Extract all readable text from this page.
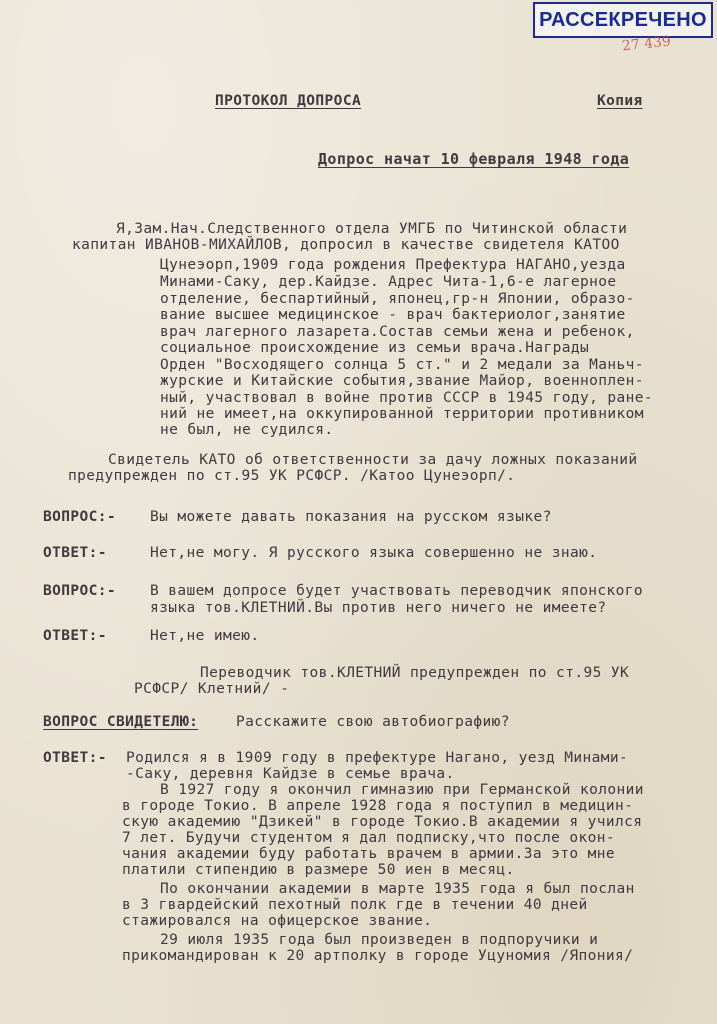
РАССЕКРЕЧЕНО
27 439
ПРОТОКОЛ ДОПРОСА	Копия
Допрос начат 10 февраля 1948 года
Я,Зам.Нач.Следственного отдела УМГБ по Читинской области
капитан ИВАНОВ-МИХАЙЛОВ, допросил в качестве свидетеля КАТОО
Цунеэорп,1909 года рождения Префектура НАГАНО,уезда
Минами-Саку, дер.Кайдзе. Адрес Чита-1,6-е лагерное
отделение, беспартийный, японец,гр-н Японии, образо-
вание высшее медицинское - врач бактериолог,занятие
врач лагерного лазарета.Состав семьи жена и ребенок,
социальное происхождение из семьи врача.Награды
Орден "Восходящего солнца 5 ст." и 2 медали за Маньч-
журские и Китайские события,звание Майор, военноплен-
ный, участвовал в войне против СССР в 1945 году, ране-
ний не имеет,на оккупированной территории противником
не был, не судился.
Свидетель КАТО об ответственности за дачу ложных показаний
предупрежден по ст.95 УК РСФСР. /Катоо Цунеэорп/.
ВОПРОС:- Вы можете давать показания на русском языке?
ОТВЕТ:-	Нет,не могу. Я русского языка совершенно не знаю.
ВОПРОС:- В вашем допросе будет участвовать переводчик японского
языка тов.КЛЕТНИЙ.Вы против него ничего не имеете?
ОТВЕТ:-	Нет,не имею.
Переводчик тов.КЛЕТНИЙ предупрежден по ст.95 УК
РСФСР/ Клетний/ -
ВОПРОС СВИДЕТЕЛЮ:	Расскажите свою автобиографию?
ОТВЕТ:- Родился я в 1909 году в префектуре Нагано, уезд Минами-
-Саку, деревня Кайдзе в семье врача.
В 1927 году я окончил гимназию при Германской колонии
в городе Токио. В апреле 1928 года я поступил в медицин-
скую академию "Дзикей" в городе Токио.В академии я учился
7 лет. Будучи студентом я дал подписку,что после окон-
чания академии буду работать врачем в армии.За это мне
платили стипендию в размере 50 иен в месяц.
По окончании академии в марте 1935 года я был послан
в 3 гвардейский пехотный полк где в течении 40 дней
стажировался на офицерское звание.
29 июля 1935 года был произведен в подпоручики и
прикомандирован к 20 артполку в городе Уцуномия /Япония/
